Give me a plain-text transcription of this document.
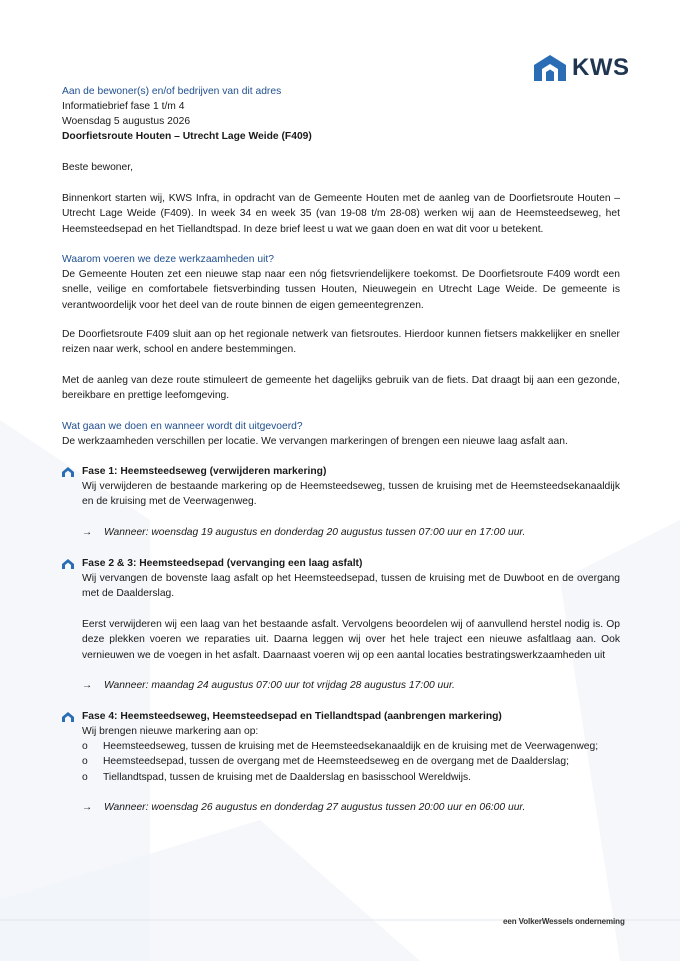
KWS
Aan de bewoner(s) en/of bedrijven van dit adres
Informatiebrief fase 1 t/m 4
Woensdag 5 augustus 2026
Doorfietsroute Houten – Utrecht Lage Weide (F409)
Beste bewoner,
Binnenkort starten wij, KWS Infra, in opdracht van de Gemeente Houten met de aanleg van de Doorfietsroute Houten – Utrecht Lage Weide (F409). In week 34 en week 35 (van 19-08 t/m 28-08) werken wij aan de Heemsteedseweg, het Heemsteedsepad en het Tiellandtspad. In deze brief leest u wat we gaan doen en wat dit voor u betekent.
Waarom voeren we deze werkzaamheden uit?
De Gemeente Houten zet een nieuwe stap naar een nóg fietsvriendelijkere toekomst. De Doorfietsroute F409 wordt een snelle, veilige en comfortabele fietsverbinding tussen Houten, Nieuwegein en Utrecht Lage Weide. De gemeente is verantwoordelijk voor het deel van de route binnen de eigen gemeentegrenzen.
De Doorfietsroute F409 sluit aan op het regionale netwerk van fietsroutes. Hierdoor kunnen fietsers makkelijker en sneller reizen naar werk, school en andere bestemmingen.
Met de aanleg van deze route stimuleert de gemeente het dagelijks gebruik van de fiets. Dat draagt bij aan een gezonde, bereikbare en prettige leefomgeving.
Wat gaan we doen en wanneer wordt dit uitgevoerd?
De werkzaamheden verschillen per locatie. We vervangen markeringen of brengen een nieuwe laag asfalt aan.
Fase 1: Heemsteedseweg (verwijderen markering)
Wij verwijderen de bestaande markering op de Heemsteedseweg, tussen de kruising met de Heemsteedsekanaaldijk en de kruising met de Veerwagenweg.
→	Wanneer: woensdag 19 augustus en donderdag 20 augustus tussen 07:00 uur en 17:00 uur.
Fase 2 & 3: Heemsteedsepad (vervanging een laag asfalt)
Wij vervangen de bovenste laag asfalt op het Heemsteedsepad, tussen de kruising met de Duwboot en de overgang met de Daalderslag.
Eerst verwijderen wij een laag van het bestaande asfalt. Vervolgens beoordelen wij of aanvullend herstel nodig is. Op deze plekken voeren we reparaties uit. Daarna leggen wij over het hele traject een nieuwe asfaltlaag aan. Ook vernieuwen we de voegen in het asfalt. Daarnaast voeren wij op een aantal locaties bestratingswerkzaamheden uit
→	Wanneer: maandag 24 augustus 07:00 uur tot vrijdag 28 augustus 17:00 uur.
Fase 4: Heemsteedseweg, Heemsteedsepad en Tiellandtspad (aanbrengen markering)
Wij brengen nieuwe markering aan op:
o	Heemsteedseweg, tussen de kruising met de Heemsteedsekanaaldijk en de kruising met de Veerwagenweg;
o	Heemsteedsepad, tussen de overgang met de Heemsteedseweg en de overgang met de Daalderslag;
o	Tiellandtspad, tussen de kruising met de Daalderslag en basisschool Wereldwijs.
→	Wanneer: woensdag 26 augustus en donderdag 27 augustus tussen 20:00 uur en 06:00 uur.
een VolkerWessels onderneming
